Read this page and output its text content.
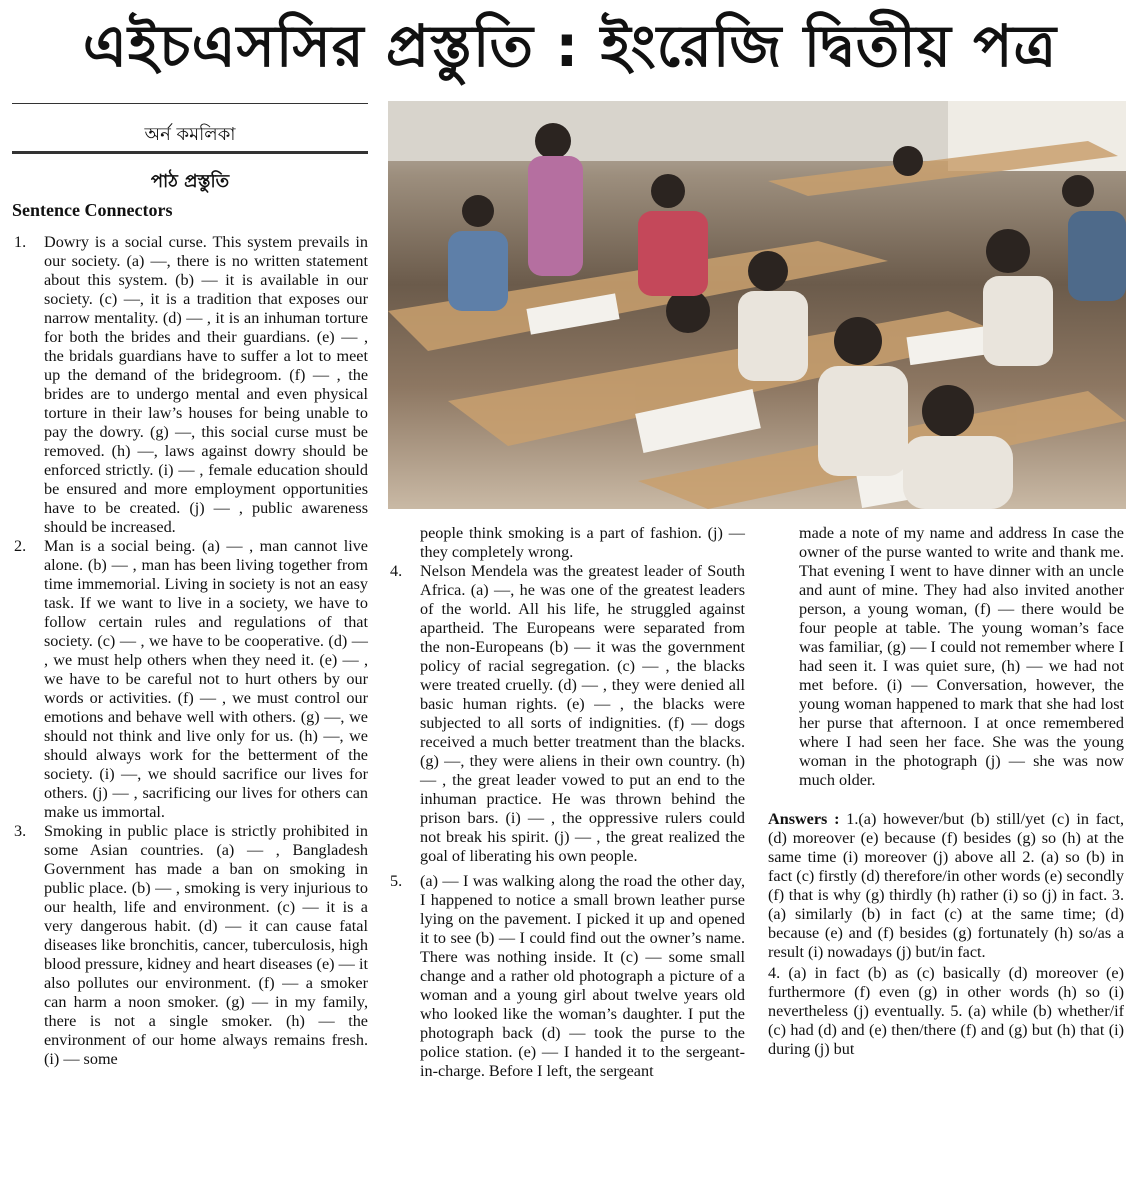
এইচএসসির প্রস্তুতি : ইংরেজি দ্বিতীয় পত্র
অর্ন কমলিকা
পাঠ প্রস্তুতি
Sentence Connectors
1. Dowry is a social curse. This system prevails in our society. (a) —, there is no written statement about this system. (b) — it is available in our society. (c) —, it is a tradition that exposes our narrow mentality. (d) — , it is an inhuman torture for both the brides and their guardians. (e) — , the bridals guardians have to suffer a lot to meet up the demand of the bridegroom. (f) — , the brides are to undergo mental and even physical torture in their law’s houses for being unable to pay the dowry. (g) —, this social curse must be removed. (h) —, laws against dowry should be enforced strictly. (i) — , female education should be ensured and more employment opportunities have to be created. (j) — , public awareness should be increased.

2. Man is a social being. (a) — , man cannot live alone. (b) — , man has been living together from time immemorial. Living in society is not an easy task. If we want to live in a society, we have to follow certain rules and regulations of that society. (c) — , we have to be cooperative. (d) — , we must help others when they need it. (e) — , we have to be careful not to hurt others by our words or activities. (f) — , we must control our emotions and behave well with others. (g) —, we should not think and live only for us. (h) —, we should always work for the betterment of the society. (i) —, we should sacrifice our lives for others. (j) — , sacrificing our lives for others can make us immortal.

3. Smoking in public place is strictly prohibited in some Asian countries. (a) — , Bangladesh Government has made a ban on smoking in public place. (b) — , smoking is very injurious to our health, life and environment. (c) — it is a very dangerous habit. (d) — it can cause fatal diseases like bronchitis, cancer, tuberculosis, high blood pressure, kidney and heart diseases (e) — it also pollutes our environment. (f) — a smoker can harm a noon smoker. (g) — in my family, there is not a single smoker. (h) — the environment of our home always remains fresh. (i) — some

people think smoking is a part of fashion. (j) — they completely wrong.

4. Nelson Mendela was the greatest leader of South Africa. (a) —, he was one of the greatest leaders of the world. All his life, he struggled against apartheid. The Europeans were separated from the non-Europeans (b) — it was the government policy of racial segregation. (c) — , the blacks were treated cruelly. (d) — , they were denied all basic human rights. (e) — , the blacks were subjected to all sorts of indignities. (f) — dogs received a much better treatment than the blacks. (g) —, they were aliens in their own country. (h) — , the great leader vowed to put an end to the inhuman practice. He was thrown behind the prison bars. (i) — , the oppressive rulers could not break his spirit. (j) — , the great realized the goal of liberating his own people.

5. (a) — I was walking along the road the other day, I happened to notice a small brown leather purse lying on the pavement. I picked it up and opened it to see (b) — I could find out the owner’s name. There was nothing inside. It (c) — some small change and a rather old photograph a picture of a woman and a young girl about twelve years old who looked like the woman’s daughter. I put the photograph back (d) — took the purse to the police station. (e) — I handed it to the sergeant-in-charge. Before I left, the sergeant

made a note of my name and address In case the owner of the purse wanted to write and thank me. That evening I went to have dinner with an uncle and aunt of mine. They had also invited another person, a young woman, (f) — there would be four people at table. The young woman’s face was familiar, (g) — I could not remember where I had seen it. I was quiet sure, (h) — we had not met before. (i) — Conversation, however, the young woman happened to mark that she had lost her purse that afternoon. I at once remembered where I had seen her face. She was the young woman in the photograph (j) — she was now much older.

Answers : 1.(a) however/but (b) still/yet (c) in fact, (d) moreover (e) because (f) besides (g) so (h) at the same time (i) moreover (j) above all 2. (a) so (b) in fact (c) firstly (d) therefore/in other words (e) secondly (f) that is why (g) thirdly (h) rather (i) so (j) in fact. 3.(a) similarly (b) in fact (c) at the same time; (d) because (e) and (f) besides (g) fortunately (h) so/as a result (i) nowadays (j) but/in fact.

4. (a) in fact (b) as (c) basically (d) moreover (e) furthermore (f) even (g) in other words (h) so (i) nevertheless (j) eventually. 5. (a) while (b) whether/if (c) had (d) and (e) then/there (f) and (g) but (h) that (i) during (j) but
